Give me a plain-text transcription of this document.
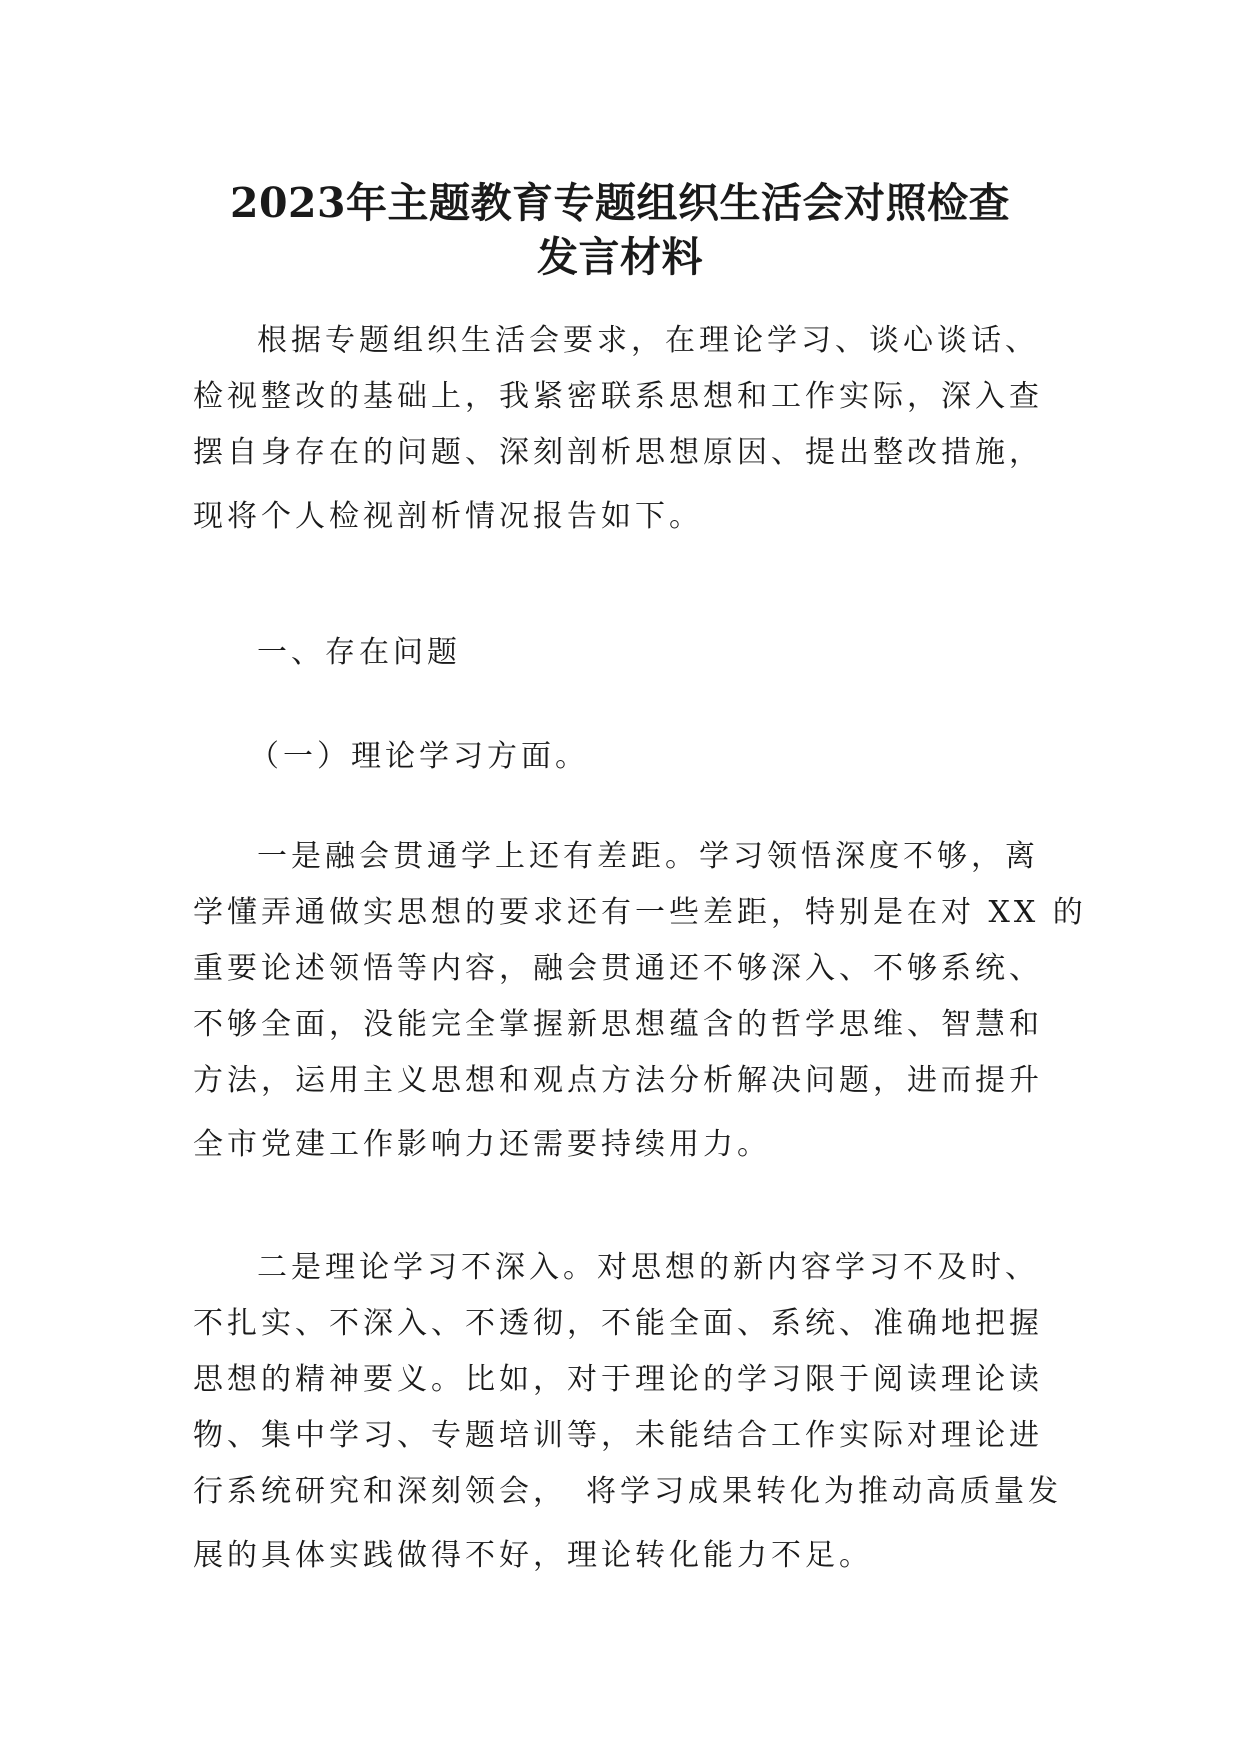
2023年主题教育专题组织生活会对照检查
发言材料
根据专题组织生活会要求，在理论学习、谈心谈话、
检视整改的基础上，我紧密联系思想和工作实际，深入查
摆自身存在的问题、深刻剖析思想原因、提出整改措施，
现将个人检视剖析情况报告如下。
一、存在问题
（一）理论学习方面。
一是融会贯通学上还有差距。学习领悟深度不够，离
学懂弄通做实思想的要求还有一些差距，特别是在对 XX 的
重要论述领悟等内容，融会贯通还不够深入、不够系统、
不够全面，没能完全掌握新思想蕴含的哲学思维、智慧和
方法，运用主义思想和观点方法分析解决问题，进而提升
全市党建工作影响力还需要持续用力。
二是理论学习不深入。对思想的新内容学习不及时、
不扎实、不深入、不透彻，不能全面、系统、准确地把握
思想的精神要义。比如，对于理论的学习限于阅读理论读
物、集中学习、专题培训等，未能结合工作实际对理论进
行系统研究和深刻领会，　将学习成果转化为推动高质量发
展的具体实践做得不好，理论转化能力不足。
